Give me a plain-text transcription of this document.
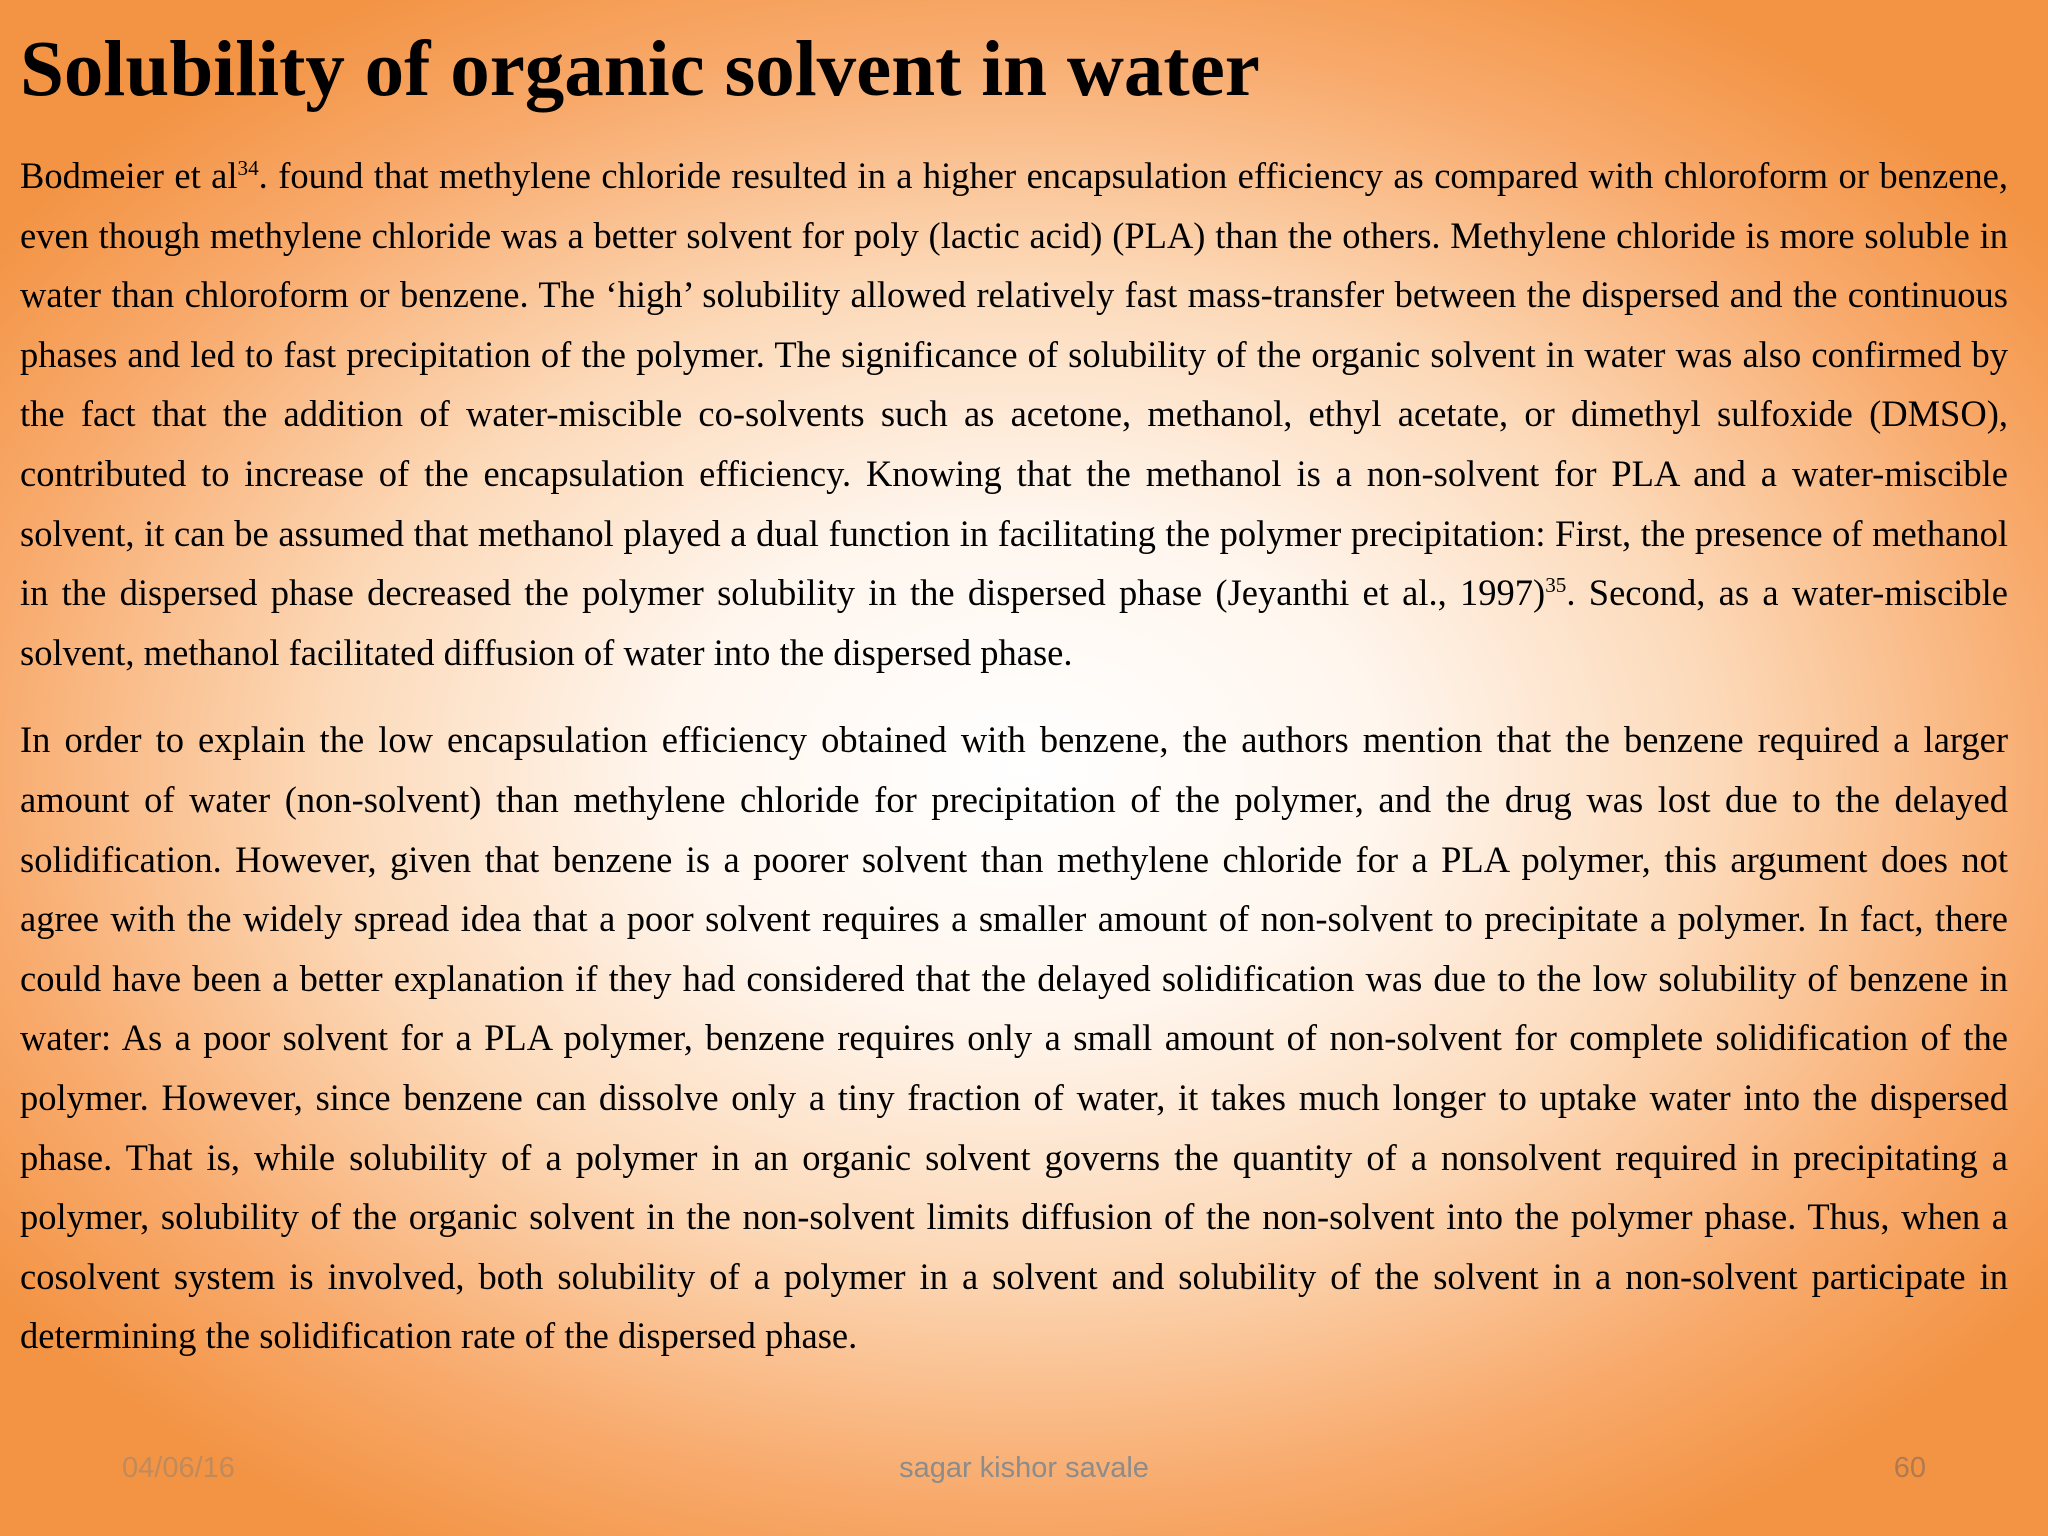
04/06/16	sagar kishor savale	60
Solubility of organic solvent in water

Bodmeier et $al^{34}$. found that methylene chloride resulted in a higher encapsulation efficiency as compared with chloroform or benzene, even though methylene chloride was a better solvent for poly (lactic acid) (PLA) than the others. Methylene chloride is more soluble in water than chloroform or benzene. The ‘high’ solubility allowed relatively fast mass-transfer between the dispersed and the continuous phases and led to fast precipitation of the polymer. The significance of solubility of the organic solvent in water was also confirmed by the fact that the addition of water-miscible co-solvents such as acetone, methanol, ethyl acetate, or dimethyl sulfoxide (DMSO), contributed to increase of the encapsulation efficiency. Knowing that the methanol is a non-solvent for PLA and a water-miscible solvent, it can be assumed that methanol played a dual function in facilitating the polymer precipitation: First, the presence of methanol in the dispersed phase decreased the polymer solubility in the dispersed phase (Jeyanthi et al., 1997)$^{35}$. Second, as a water-miscible solvent, methanol facilitated diffusion of water into the dispersed phase.

In order to explain the low encapsulation efficiency obtained with benzene, the authors mention that the benzene required a larger amount of water (non-solvent) than methylene chloride for precipitation of the polymer, and the drug was lost due to the delayed solidification. However, given that benzene is a poorer solvent than methylene chloride for a PLA polymer, this argument does not agree with the widely spread idea that a poor solvent requires a smaller amount of non-solvent to precipitate a polymer. In fact, there could have been a better explanation if they had considered that the delayed solidification was due to the low solubility of benzene in water: As a poor solvent for a PLA polymer, benzene requires only a small amount of non-solvent for complete solidification of the polymer. However, since benzene can dissolve only a tiny fraction of water, it takes much longer to uptake water into the dispersed phase. That is, while solubility of a polymer in an organic solvent governs the quantity of a nonsolvent required in precipitating a polymer, solubility of the organic solvent in the non-solvent limits diffusion of the non-solvent into the polymer phase. Thus, when a cosolvent system is involved, both solubility of a polymer in a solvent and solubility of the solvent in a non-solvent participate in determining the solidification rate of the dispersed phase.
